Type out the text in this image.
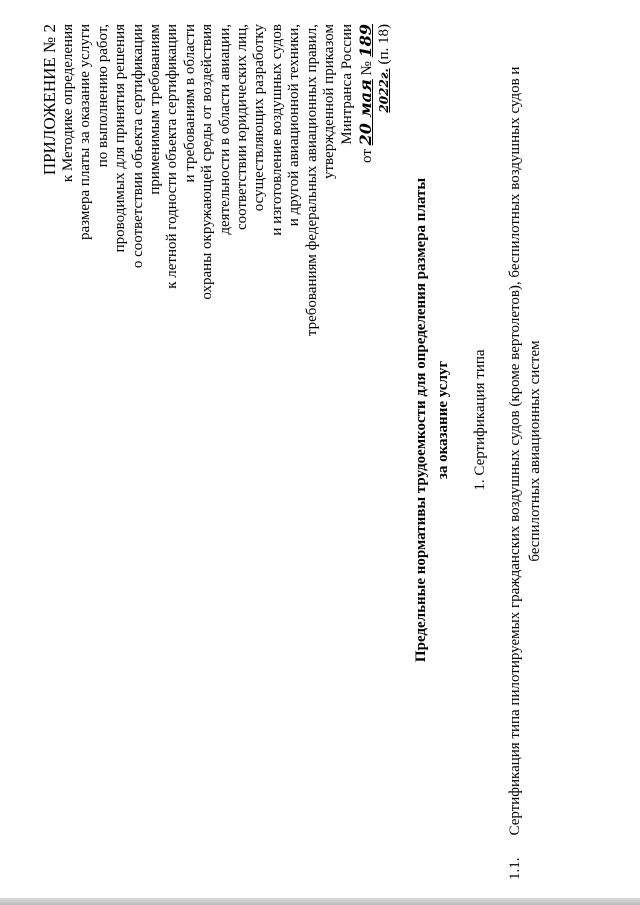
ПРИЛОЖЕНИЕ № 2 к Методике определения размера платы за оказание услуги по выполнению работ, проводимых для принятия решения о соответствии объекта сертификации применимым требованиям к летной годности объекта сертификации и требованиям в области охраны окружающей среды от воздействия деятельности в области авиации, соответствии юридических лиц, осуществляющих разработку и изготовление воздушных судов и другой авиационной техники, требованиям федеральных авиационных правил, утвержденной приказом Минтранса России
от 20 мая № 189
2022г. (п. 18)
Предельные нормативы трудоемкости для определения размера платы за оказание услуг 1. Сертификация типа
1.1.
Сертификация типа пилотируемых гражданских воздушных судов (кроме вертолетов), беспилотных воздушных судов и беспилотных авиационных систем
